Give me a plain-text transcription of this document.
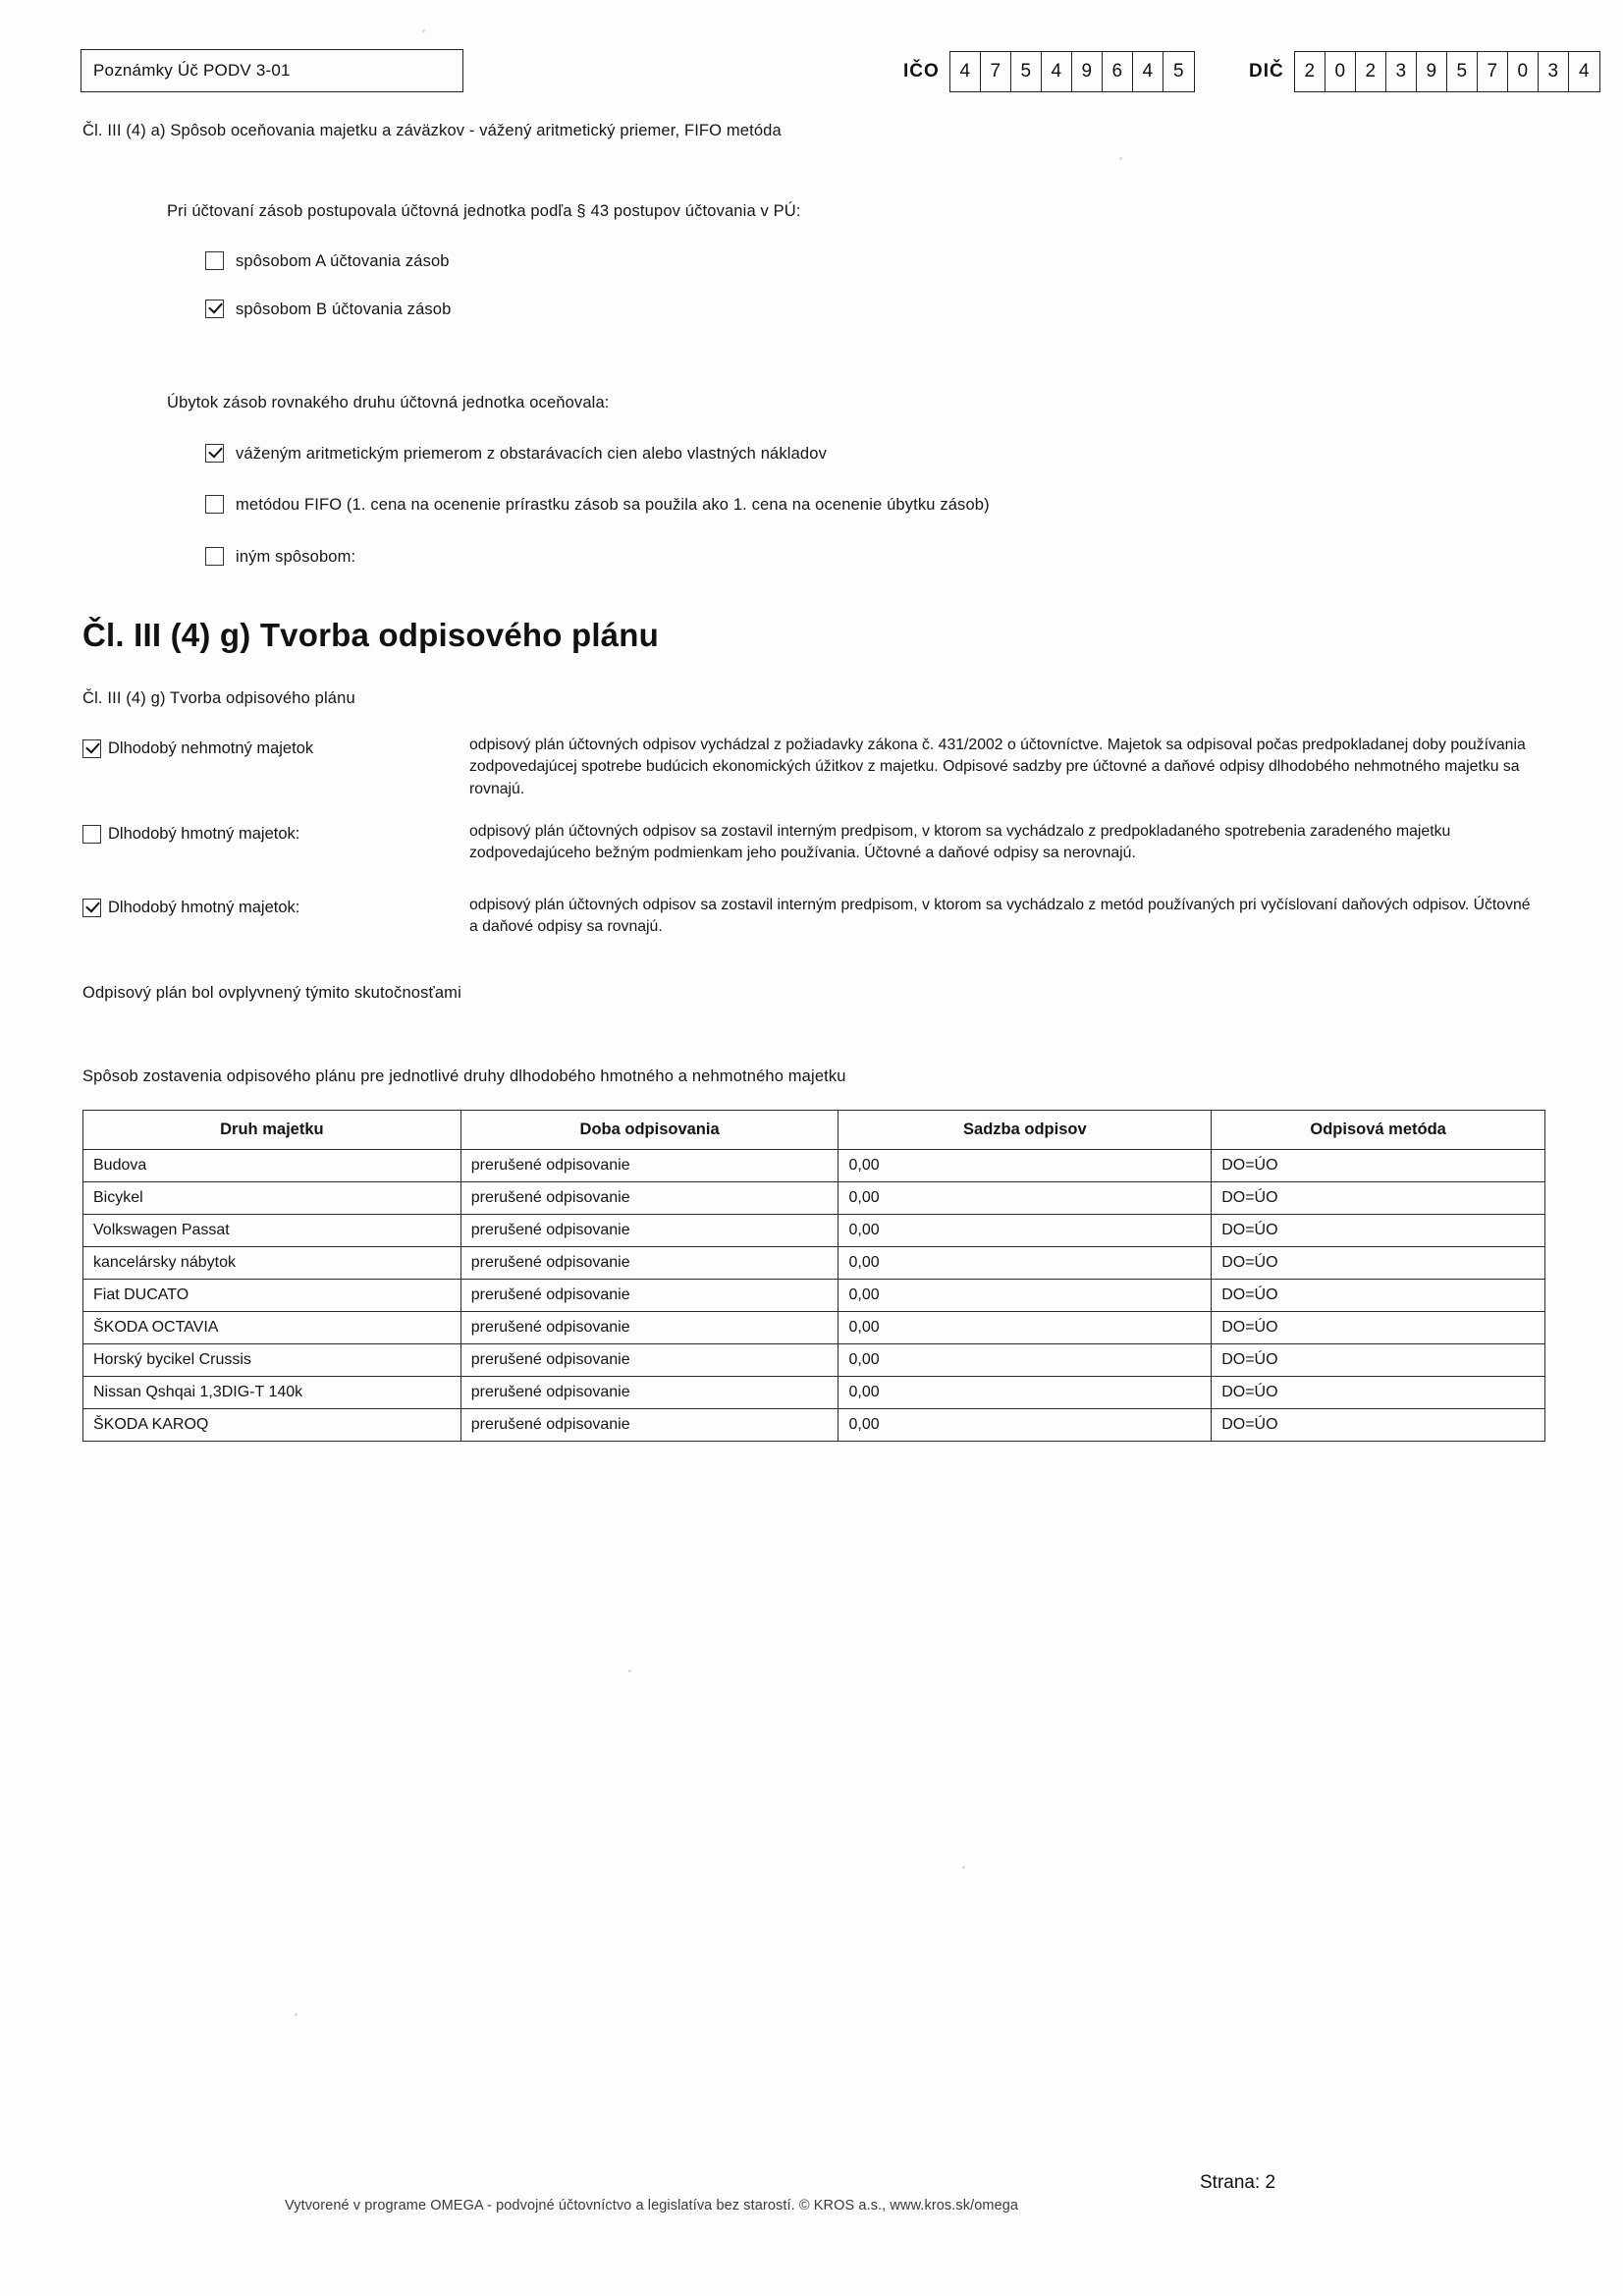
Poznámky Úč PODV 3-01	IČO	4	7	5	4	9	6	4	5	DIČ	2	0	2	3	9	5	7	0	3	4
Čl. III (4) a) Spôsob oceňovania majetku a záväzkov - vážený aritmetický priemer, FIFO metóda
Pri účtovaní zásob postupovala účtovná jednotka podľa § 43 postupov účtovania v PÚ:
spôsobom A účtovania zásob
spôsobom B účtovania zásob
Úbytok zásob rovnakého druhu účtovná jednotka oceňovala:
váženým aritmetickým priemerom z obstarávacích cien alebo vlastných nákladov
metódou FIFO (1. cena na ocenenie prírastku zásob sa použila ako 1. cena na ocenenie úbytku zásob)
iným spôsobom:
Čl. III (4) g) Tvorba odpisového plánu
Čl. III (4) g) Tvorba odpisového plánu
Dlhodobý nehmotný majetok	odpisový plán účtovných odpisov vychádzal z požiadavky zákona č. 431/2002 o účtovníctve. Majetok sa odpisoval počas predpokladanej doby používania zodpovedajúcej spotrebe budúcich ekonomických úžitkov z majetku. Odpisové sadzby pre účtovné a daňové odpisy dlhodobého nehmotného majetku sa rovnajú.
Dlhodobý hmotný majetok:	odpisový plán účtovných odpisov sa zostavil interným predpisom, v ktorom sa vychádzalo z predpokladaného spotrebenia zaradeného majetku zodpovedajúceho bežným podmienkam jeho používania. Účtovné a daňové odpisy sa nerovnajú.
Dlhodobý hmotný majetok:	odpisový plán účtovných odpisov sa zostavil interným predpisom, v ktorom sa vychádzalo z metód používaných pri vyčíslovaní daňových odpisov. Účtovné a daňové odpisy sa rovnajú.
Odpisový plán bol ovplyvnený týmito skutočnosťami
Spôsob zostavenia odpisového plánu pre jednotlivé druhy dlhodobého hmotného a nehmotného majetku
Druh majetku	Doba odpisovania	Sadzba odpisov	Odpisová metóda
Budova	prerušené odpisovanie	0,00	DO=ÚO
Bicykel	prerušené odpisovanie	0,00	DO=ÚO
Volkswagen Passat	prerušené odpisovanie	0,00	DO=ÚO
kancelársky nábytok	prerušené odpisovanie	0,00	DO=ÚO
Fiat DUCATO	prerušené odpisovanie	0,00	DO=ÚO
ŠKODA OCTAVIA	prerušené odpisovanie	0,00	DO=ÚO
Horský bycikel Crussis	prerušené odpisovanie	0,00	DO=ÚO
Nissan Qshqai 1,3DIG-T 140k	prerušené odpisovanie	0,00	DO=ÚO
ŠKODA KAROQ	prerušené odpisovanie	0,00	DO=ÚO
Vytvorené v programe OMEGA - podvojné účtovníctvo a legislatíva bez starostí. © KROS a.s., www.kros.sk/omega
Strana: 2
